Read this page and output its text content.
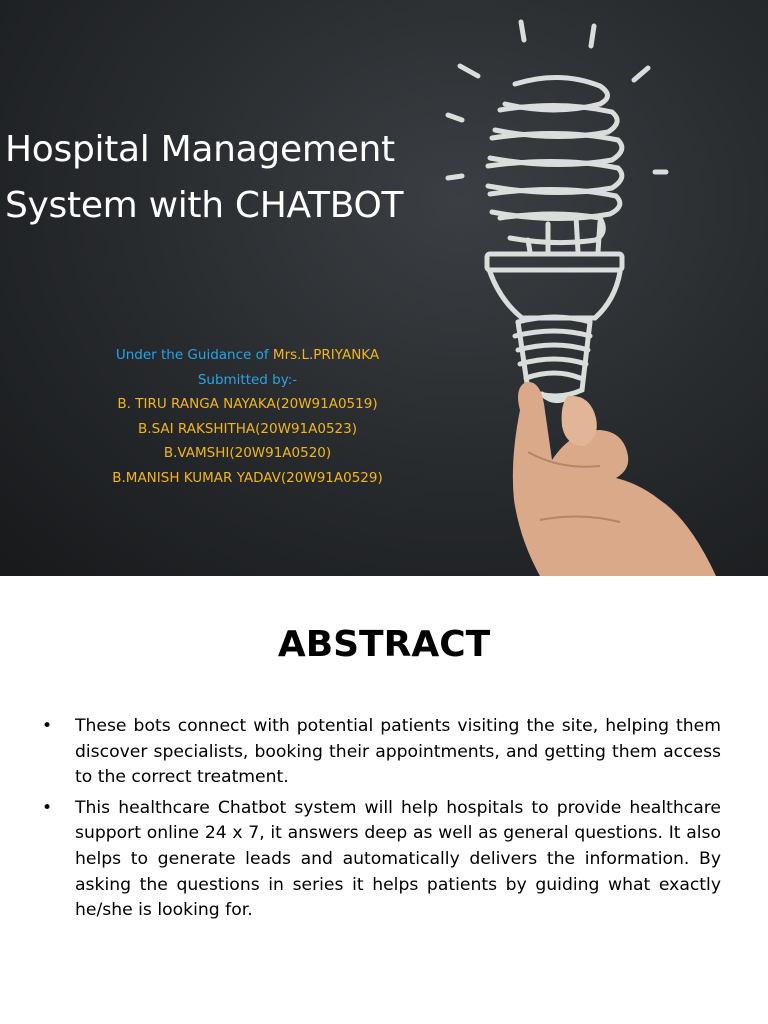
Hospital Management
System with CHATBOT
Under the Guidance of Mrs.L.PRIYANKA
Submitted by:-
B. TIRU RANGA NAYAKA(20W91A0519)
B.SAI RAKSHITHA(20W91A0523)
B.VAMSHI(20W91A0520)
B.MANISH KUMAR YADAV(20W91A0529)
ABSTRACT
• These bots connect with potential patients visiting the site, helping them discover specialists, booking their appointments, and getting them access to the correct treatment.
• This healthcare Chatbot system will help hospitals to provide healthcare support online 24 x 7, it answers deep as well as general questions. It also helps to generate leads and automatically delivers the information. By asking the questions in series it helps patients by guiding what exactly he/she is looking for.
